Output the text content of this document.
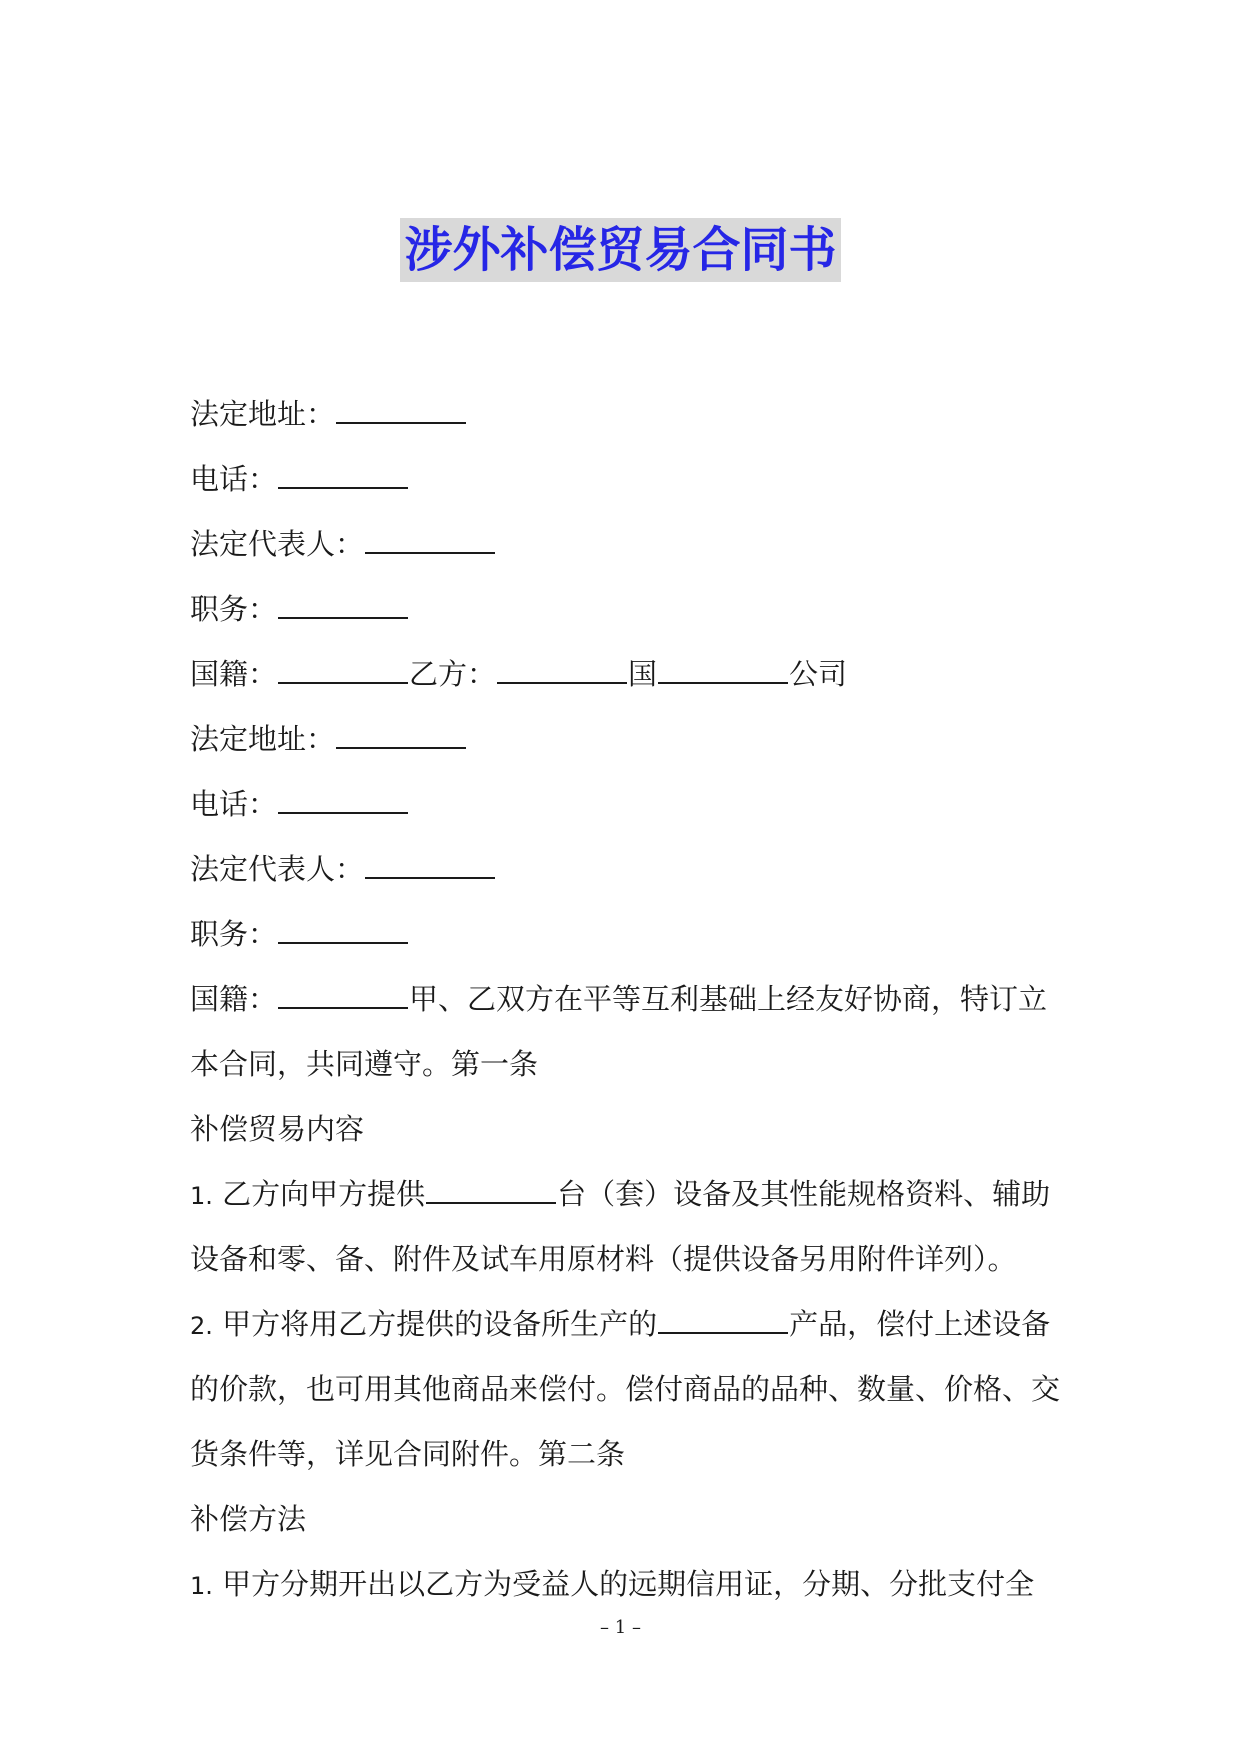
涉外补偿贸易合同书
法定地址：
电话：
法定代表人：
职务：
国籍：	乙方：	国	公司
法定地址：
电话：
法定代表人：
职务：
国籍：	甲、乙双方在平等互利基础上经友好协商，特订立
本合同，共同遵守。第一条
补偿贸易内容
1. 乙方向甲方提供	台（套）设备及其性能规格资料、辅助
设备和零、备、附件及试车用原材料（提供设备另用附件详列）。
2. 甲方将用乙方提供的设备所生产的	产品，偿付上述设备
的价款，也可用其他商品来偿付。偿付商品的品种、数量、价格、交
货条件等，详见合同附件。第二条
补偿方法
1. 甲方分期开出以乙方为受益人的远期信用证，分期、分批支付全
– 1 –
